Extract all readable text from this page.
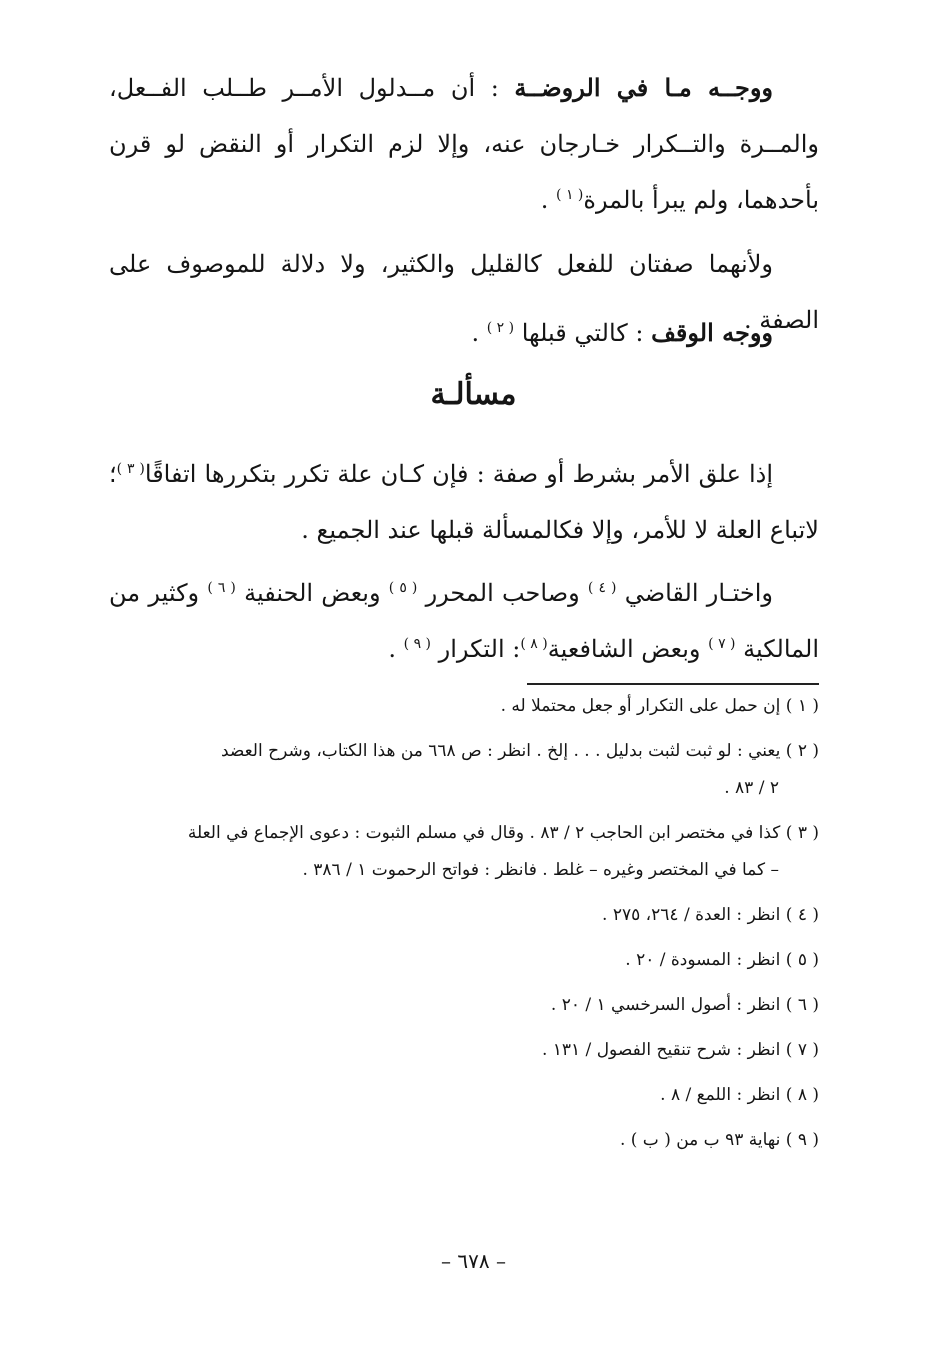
ووجــه مـا في الروضــة : أن مــدلول الأمــر طــلب الفــعل، والمــرة والتــكرار خـارجان عنه، وإلا لزم التكرار أو النقض لو قرن بأحدهما، ولم يبرأ بالمرة$^{( ١ )}$ .

ولأنهما صفتان للفعل كالقليل والكثير، ولا دلالة للموصوف على الصفة .

ووجه الوقف : كالتي قبلها $^{( ٢ )}$ .

مسألـة

إذا علق الأمر بشرط أو صفة : فإن كـان علة تكرر بتكررها اتفاقًا$^{( ٣ )}$؛ لاتباع العلة لا للأمر، وإلا فكالمسألة قبلها عند الجميع .

واختـار القاضي $^{( ٤ )}$ وصاحب المحرر $^{( ٥ )}$ وبعض الحنفية $^{( ٦ )}$ وكثير من المالكية $^{( ٧ )}$ وبعض الشافعية$^{( ٨ )}$: التكرار $^{( ٩ )}$ .

( ١ ) إن حمل على التكرار أو جعل محتملا له .
( ٢ ) يعني : لو ثبت لثبت بدليل . . . إلخ . انظر : ص ٦٦٨ من هذا الكتاب، وشرح العضد
٢ / ٨٣ .
( ٣ ) كذا في مختصر ابن الحاجب ٢ / ٨٣ . وقال في مسلم الثبوت : دعوى الإجماع في العلة
– كما في المختصر وغيره – غلط . فانظر : فواتح الرحموت ١ / ٣٨٦ .
( ٤ ) انظر : العدة / ٢٦٤، ٢٧٥ .
( ٥ ) انظر : المسودة / ٢٠ .
( ٦ ) انظر : أصول السرخسي ١ / ٢٠ .
( ٧ ) انظر : شرح تنقيح الفصول / ١٣١ .
( ٨ ) انظر : اللمع / ٨ .
( ٩ ) نهاية ٩٣ ب من ( ب ) .
– ٦٧٨ –
